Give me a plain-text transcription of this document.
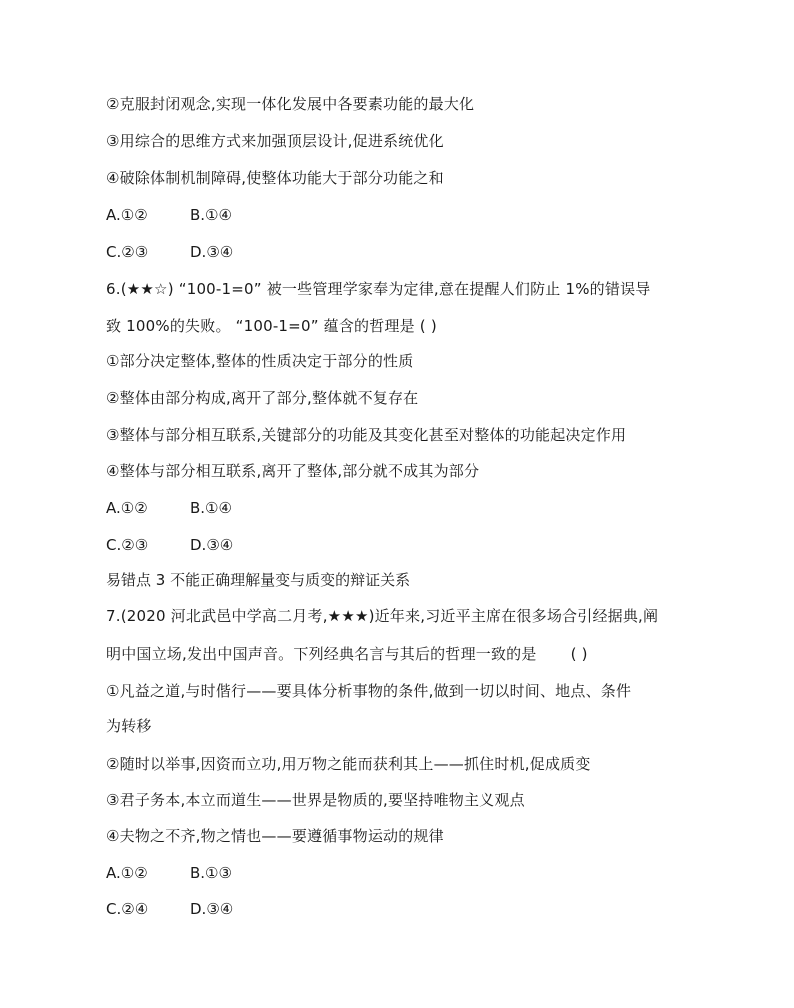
②克服封闭观念,实现一体化发展中各要素功能的最大化
③用综合的思维方式来加强顶层设计,促进系统优化
④破除体制机制障碍,使整体功能大于部分功能之和
A.①②	B.①④
C.②③	D.③④
6.(★★☆) “100-1=0” 被一些管理学家奉为定律,意在提醒人们防止 1%的错误导
致 100%的失败。 “100-1=0” 蕴含的哲理是 ( )
①部分决定整体,整体的性质决定于部分的性质
②整体由部分构成,离开了部分,整体就不复存在
③整体与部分相互联系,关键部分的功能及其变化甚至对整体的功能起决定作用
④整体与部分相互联系,离开了整体,部分就不成其为部分
A.①②	B.①④
C.②③	D.③④
易错点 3 不能正确理解量变与质变的辩证关系
7.(2020 河北武邑中学高二月考,★★★)近年来,习近平主席在很多场合引经据典,阐
明中国立场,发出中国声音。下列经典名言与其后的哲理一致的是 ( )
①凡益之道,与时偕行——要具体分析事物的条件,做到一切以时间、地点、条件
为转移
②随时以举事,因资而立功,用万物之能而获利其上——抓住时机,促成质变
③君子务本,本立而道生——世界是物质的,要坚持唯物主义观点
④夫物之不齐,物之情也——要遵循事物运动的规律
A.①②	B.①③
C.②④	D.③④
